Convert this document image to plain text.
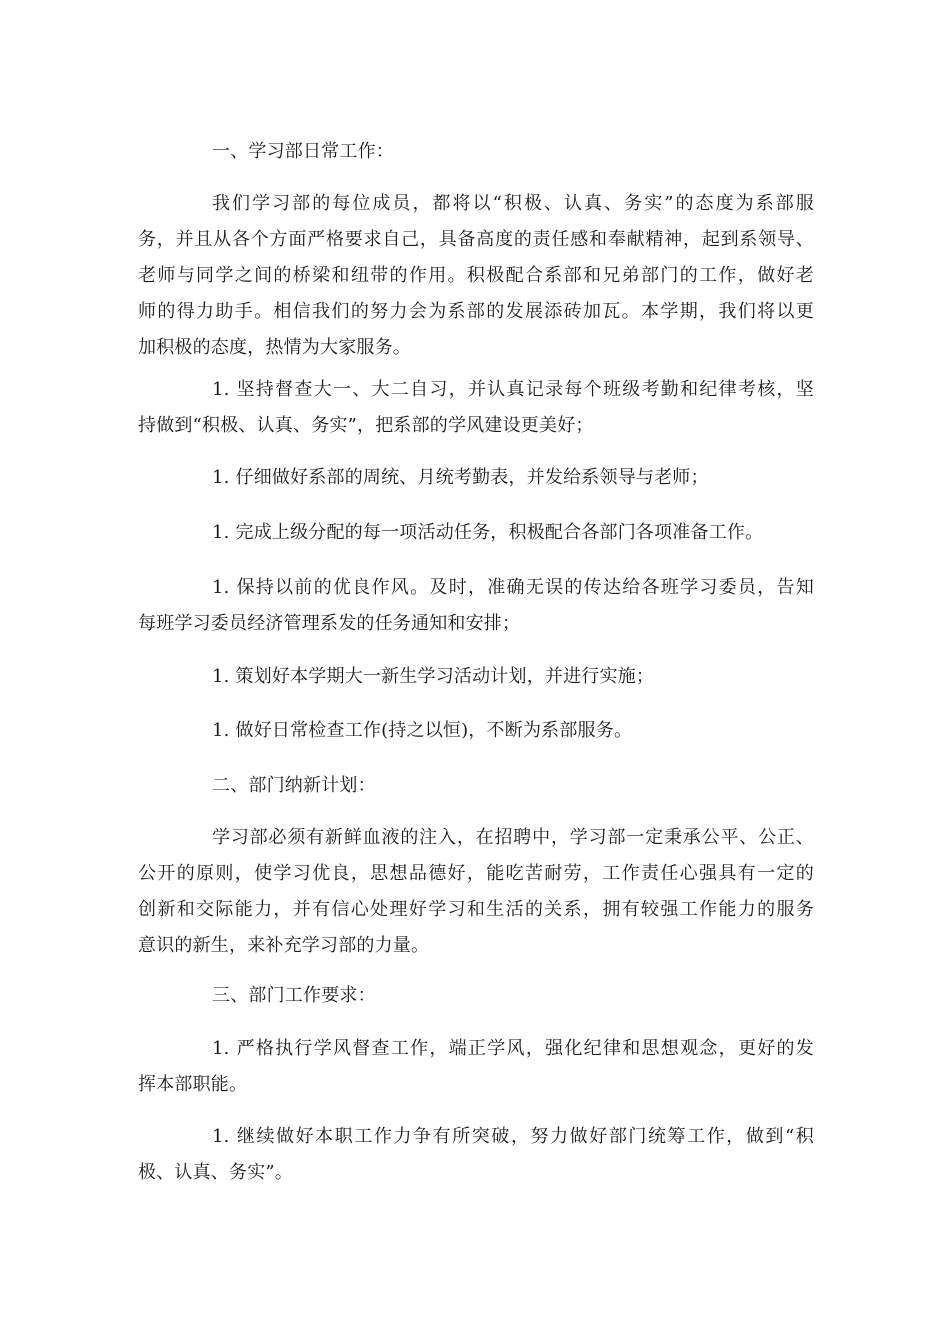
一、学习部日常工作：
我们学习部的每位成员，都将以“积极、认真、务实”的态度为系部服
务，并且从各个方面严格要求自己，具备高度的责任感和奉献精神，起到系领导、
老师与同学之间的桥梁和纽带的作用。积极配合系部和兄弟部门的工作，做好老
师的得力助手。相信我们的努力会为系部的发展添砖加瓦。本学期，我们将以更
加积极的态度，热情为大家服务。
1. 坚持督查大一、大二自习，并认真记录每个班级考勤和纪律考核，坚
持做到“积极、认真、务实”，把系部的学风建设更美好；
1. 仔细做好系部的周统、月统考勤表，并发给系领导与老师；
1. 完成上级分配的每一项活动任务，积极配合各部门各项准备工作。
1. 保持以前的优良作风。及时，准确无误的传达给各班学习委员，告知
每班学习委员经济管理系发的任务通知和安排；
1. 策划好本学期大一新生学习活动计划，并进行实施；
1. 做好日常检查工作(持之以恒)，不断为系部服务。
二、部门纳新计划：
学习部必须有新鲜血液的注入，在招聘中，学习部一定秉承公平、公正、
公开的原则，使学习优良，思想品德好，能吃苦耐劳，工作责任心强具有一定的
创新和交际能力，并有信心处理好学习和生活的关系，拥有较强工作能力的服务
意识的新生，来补充学习部的力量。
三、部门工作要求：
1. 严格执行学风督查工作，端正学风，强化纪律和思想观念，更好的发
挥本部职能。
1. 继续做好本职工作力争有所突破，努力做好部门统筹工作，做到“积
极、认真、务实”。
